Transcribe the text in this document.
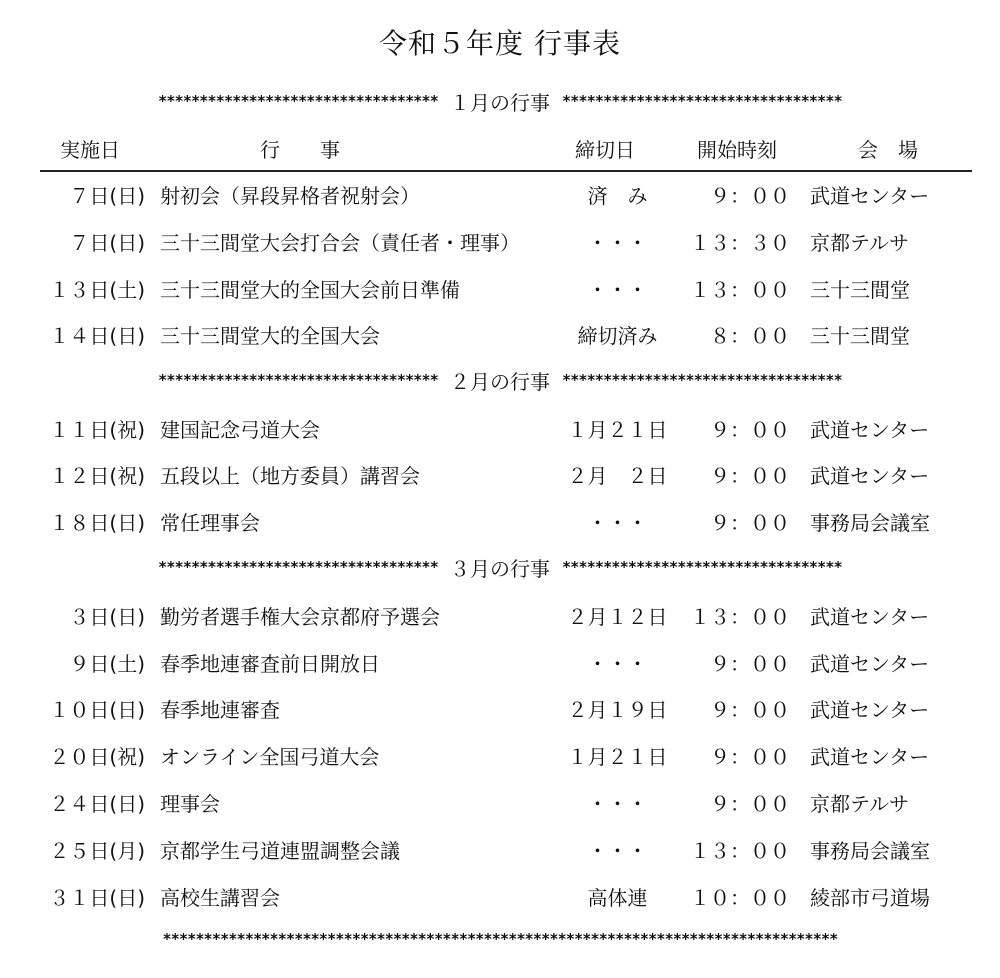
令和５年度 行事表
********************************** １月の行事 **********************************
実施日	行　　事	締切日	開始時刻	会　場
７日(日) 射初会（昇段昇格者祝射会）	済　み	９：００ 武道センター
７日(日) 三十三間堂大会打合会（責任者・理事）	・・・	１３：３０ 京都テルサ
１３日(土) 三十三間堂大的全国大会前日準備	・・・	１３：００ 三十三間堂
１４日(日) 三十三間堂大的全国大会	締切済み	８：００ 三十三間堂
********************************** ２月の行事 **********************************
１１日(祝) 建国記念弓道大会	１月２１日	９：００ 武道センター
１２日(祝) 五段以上（地方委員）講習会	２月　２日	９：００ 武道センター
１８日(日) 常任理事会	・・・	９：００ 事務局会議室
********************************** ３月の行事 **********************************
３日(日) 勤労者選手権大会京都府予選会	２月１２日	１３：００ 武道センター
９日(土) 春季地連審査前日開放日	・・・	９：００ 武道センター
１０日(日) 春季地連審査	２月１９日	９：００ 武道センター
２０日(祝) オンライン全国弓道大会	１月２１日	９：００ 武道センター
２４日(日) 理事会	・・・	９：００ 京都テルサ
２５日(月) 京都学生弓道連盟調整会議	・・・	１３：００ 事務局会議室
３１日(日) 高校生講習会	高体連	１０：００ 綾部市弓道場
**********************************************************************************
